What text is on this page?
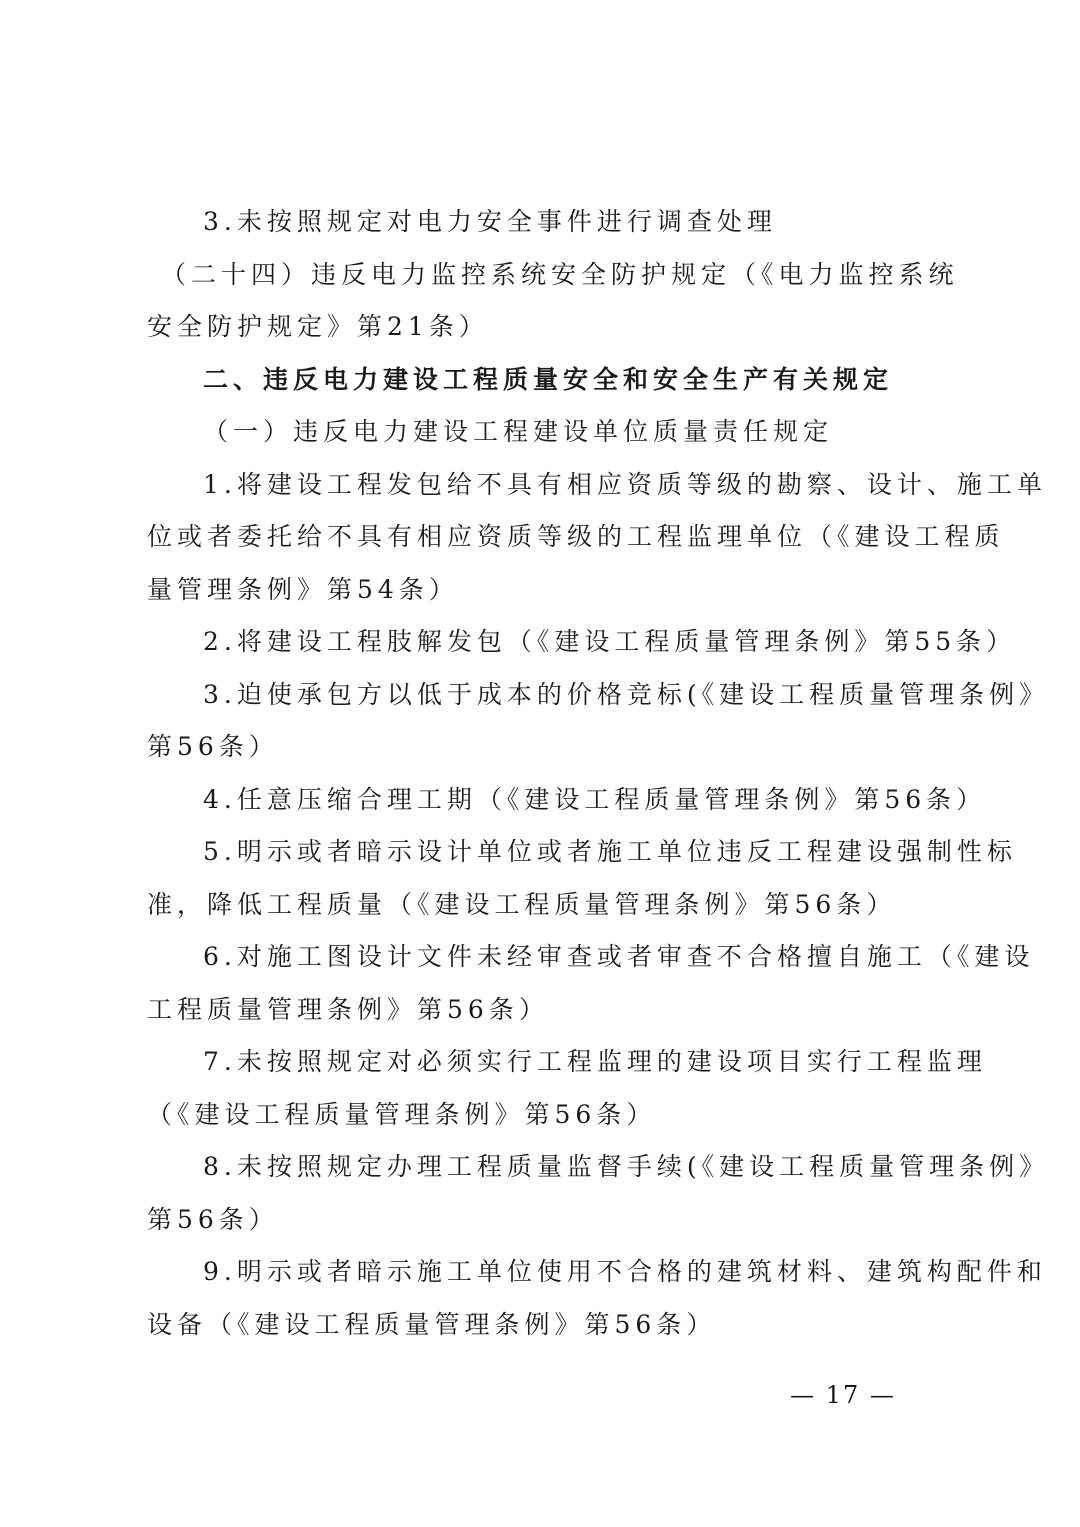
3.未按照规定对电力安全事件进行调查处理
（二十四）违反电力监控系统安全防护规定（《电力监控系统
安全防护规定》第21条）
二、违反电力建设工程质量安全和安全生产有关规定
（一）违反电力建设工程建设单位质量责任规定
1.将建设工程发包给不具有相应资质等级的勘察、设计、施工单
位或者委托给不具有相应资质等级的工程监理单位（《建设工程质
量管理条例》第54条）
2.将建设工程肢解发包（《建设工程质量管理条例》第55条）
3.迫使承包方以低于成本的价格竞标(《建设工程质量管理条例》
第56条）
4.任意压缩合理工期（《建设工程质量管理条例》第56条）
5.明示或者暗示设计单位或者施工单位违反工程建设强制性标
准，降低工程质量（《建设工程质量管理条例》第56条）
6.对施工图设计文件未经审查或者审查不合格擅自施工（《建设
工程质量管理条例》第56条）
7.未按照规定对必须实行工程监理的建设项目实行工程监理
（《建设工程质量管理条例》第56条）
8.未按照规定办理工程质量监督手续(《建设工程质量管理条例》
第56条）
9.明示或者暗示施工单位使用不合格的建筑材料、建筑构配件和
设备（《建设工程质量管理条例》第56条）
— 17 —
